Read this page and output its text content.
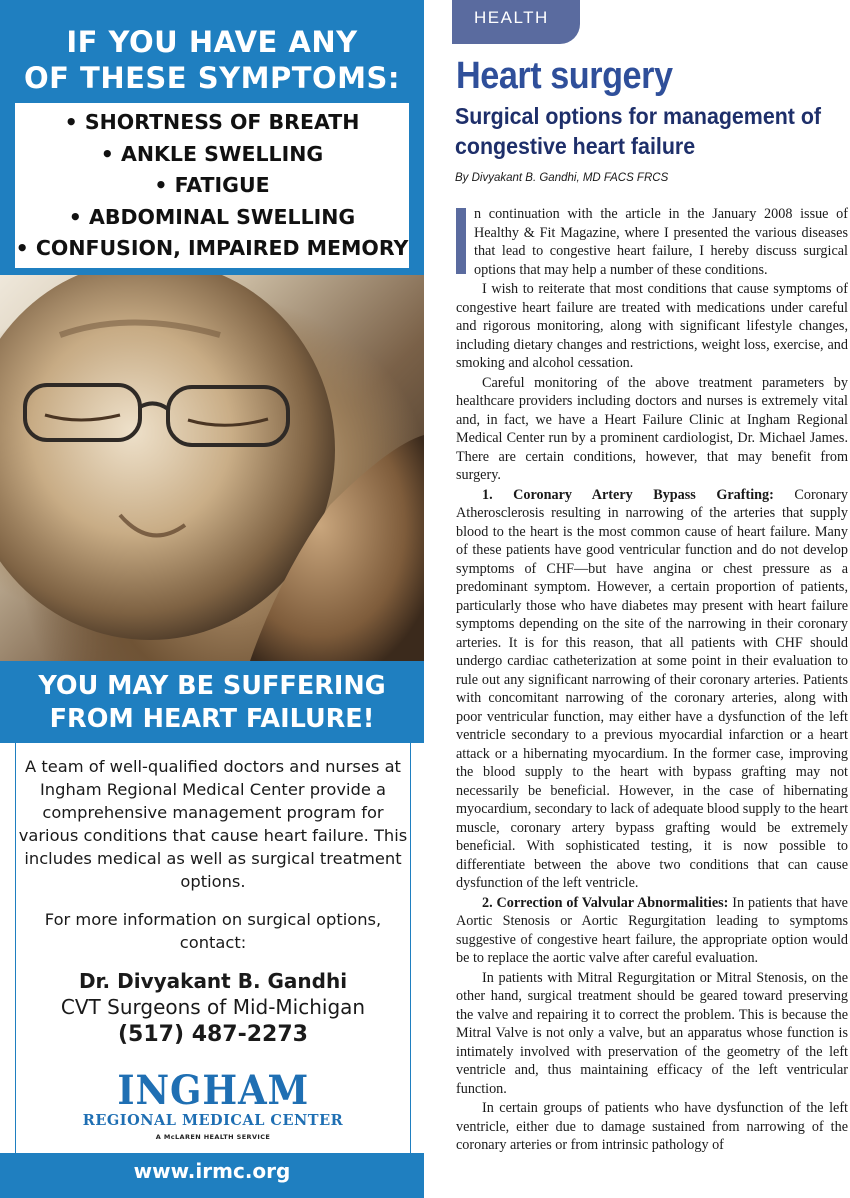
IF YOU HAVE ANY
OF THESE SYMPTOMS:
• SHORTNESS OF BREATH
• ANKLE SWELLING
• FATIGUE
• ABDOMINAL SWELLING
• CONFUSION, IMPAIRED MEMORY
YOU MAY BE SUFFERING
FROM HEART FAILURE!

A team of well-qualified doctors and nurses at Ingham Regional Medical Center provide a comprehensive management program for various conditions that cause heart failure. This includes medical as well as surgical treatment options.

For more information on surgical options, contact:

Dr. Divyakant B. Gandhi
CVT Surgeons of Mid-Michigan
(517) 487-2273
INGHAM
REGIONAL MEDICAL CENTER
A McLAREN HEALTH SERVICE
www.irmc.org
HEALTH
Heart surgery
Surgical options for management of congestive heart failure
By Divyakant B. Gandhi, MD FACS FRCS

n continuation with the article in the January 2008 issue of Healthy & Fit Magazine, where I presented the various diseases that lead to congestive heart failure, I hereby discuss surgical options that may help a number of these conditions.

I wish to reiterate that most conditions that cause symptoms of congestive heart failure are treated with medications under careful and rigorous monitoring, along with significant lifestyle changes, including dietary changes and restrictions, weight loss, exercise, and smoking and alcohol cessation.

Careful monitoring of the above treatment parameters by healthcare providers including doctors and nurses is extremely vital and, in fact, we have a Heart Failure Clinic at Ingham Regional Medical Center run by a prominent cardiologist, Dr. Michael James. There are certain conditions, however, that may benefit from surgery.

1. Coronary Artery Bypass Grafting: Coronary Atherosclerosis resulting in narrowing of the arteries that supply blood to the heart is the most common cause of heart failure. Many of these patients have good ventricular function and do not develop symptoms of CHF—but have angina or chest pressure as a predominant symptom. However, a certain proportion of patients, particularly those who have diabetes may present with heart failure symptoms depending on the site of the narrowing in their coronary arteries. It is for this reason, that all patients with CHF should undergo cardiac catheterization at some point in their evaluation to rule out any significant narrowing of their coronary arteries. Patients with concomitant narrowing of the coronary arteries, along with poor ventricular function, may either have a dysfunction of the left ventricle secondary to a previous myocardial infarction or a heart attack or a hibernating myocardium. In the former case, improving the blood supply to the heart with bypass grafting may not necessarily be beneficial. However, in the case of hibernating myocardium, secondary to lack of adequate blood supply to the heart muscle, coronary artery bypass grafting would be extremely beneficial. With sophisticated testing, it is now possible to differentiate between the above two conditions that can cause dysfunction of the left ventricle.

2. Correction of Valvular Abnormalities: In patients that have Aortic Stenosis or Aortic Regurgitation leading to symptoms suggestive of congestive heart failure, the appropriate option would be to replace the aortic valve after careful evaluation.

In patients with Mitral Regurgitation or Mitral Stenosis, on the other hand, surgical treatment should be geared toward preserving the valve and repairing it to correct the problem. This is because the Mitral Valve is not only a valve, but an apparatus whose function is intimately involved with preservation of the geometry of the left ventricle and, thus maintaining efficacy of the left ventricular function.

In certain groups of patients who have dysfunction of the left ventricle, either due to damage sustained from narrowing of the coronary arteries or from intrinsic pathology of
